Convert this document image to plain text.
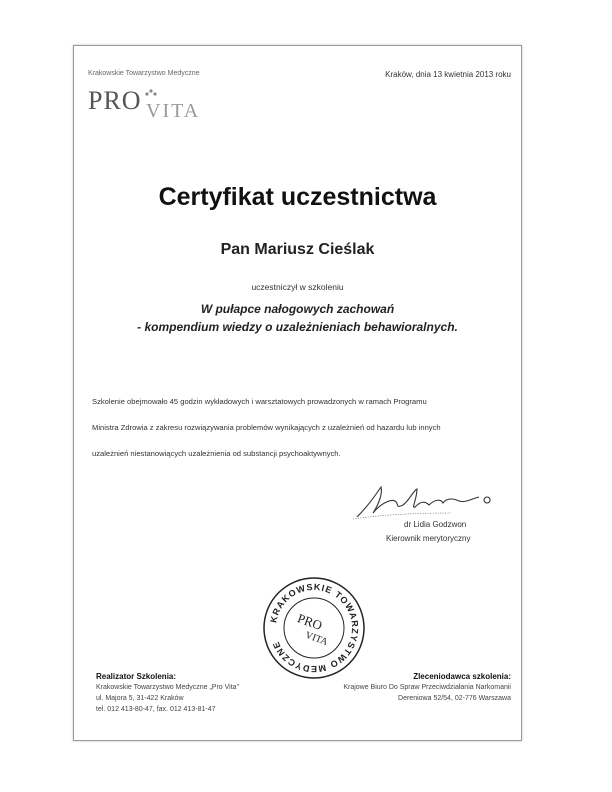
Krakowskie Towarzystwo Medyczne
PRO VITA
Kraków, dnia 13 kwietnia 2013 roku
Certyfikat uczestnictwa
Pan Mariusz Cieślak
uczestniczył w szkoleniu
W pułapce nałogowych zachowań
- kompendium wiedzy o uzależnieniach behawioralnych.
Szkolenie obejmowało 45 godzin wykładowych i warsztatowych prowadzonych w ramach Programu
Ministra Zdrowia z zakresu rozwiązywania problemów wynikających z uzależnień od hazardu lub innych
uzależnień niestanowiących uzależnienia od substancji psychoaktywnych.
dr Lidia Godzwon
Kierownik merytoryczny
KRAKOWSKIE TOWARZYSTWO MEDYCZNE
PRO
VITA
Realizator Szkolenia:
Krakowskie Towarzystwo Medyczne „Pro Vita”
ul. Majora 5, 31-422 Kraków
tel. 012 413-80-47, fax. 012 413-81-47
Zleceniodawca szkolenia:
Krajowe Biuro Do Spraw Przeciwdziałania Narkomanii
Dereniowa 52/54, 02-776 Warszawa
